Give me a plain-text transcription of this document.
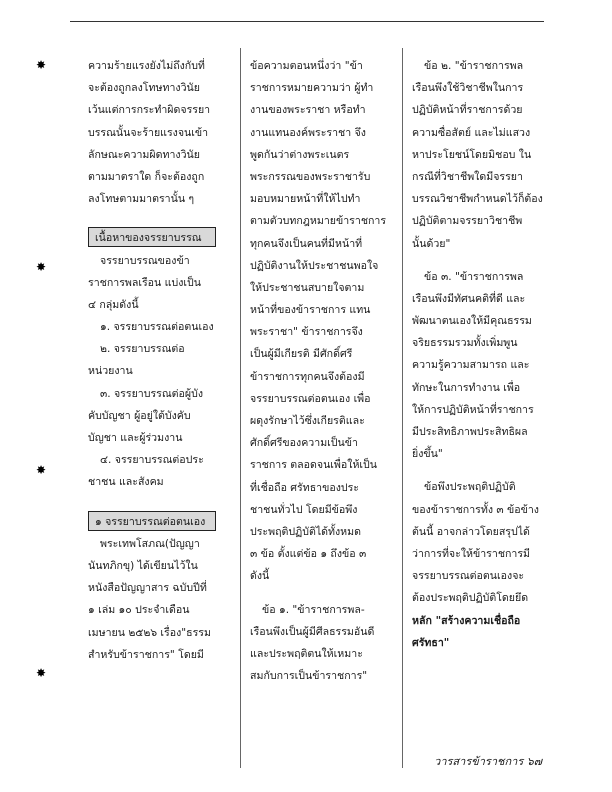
✸
✸
✸
✸
ความร้ายแรงยังไม่ถึงกับที่
จะต้องถูกลงโทษทางวินัย
เว้นแต่การกระทำผิดจรรยา
บรรณนั้นจะร้ายแรงจนเข้า
ลักษณะความผิดทางวินัย
ตามมาตราใด ก็จะต้องถูก
ลงโทษตามมาตรานั้น ๆ
เนื้อหาของจรรยาบรรณ
จรรยาบรรณของข้า
ราชการพลเรือน แบ่งเป็น
๔ กลุ่มดังนี้
๑. จรรยาบรรณต่อตนเอง
๒. จรรยาบรรณต่อ
หน่วยงาน
๓. จรรยาบรรณต่อผู้บัง
คับบัญชา ผู้อยู่ใต้บังคับ
บัญชา และผู้ร่วมงาน
๔. จรรยาบรรณต่อประ
ชาชน และสังคม
๑ จรรยาบรรณต่อตนเอง
พระเทพโสภณ(ปัญญา
นันทภิกขุ) ได้เขียนไว้ใน
หนังสือปัญญาสาร ฉบับปีที่
๑ เล่ม ๑๐ ประจำเดือน
เมษายน ๒๕๒๖ เรื่อง"ธรรม
สำหรับข้าราชการ" โดยมี
ข้อความตอนหนึ่งว่า "ข้า
ราชการหมายความว่า ผู้ทำ
งานของพระราชา หรือทำ
งานแทนองค์พระราชา จึง
พูดกันว่าต่างพระเนตร
พระกรรณของพระราชารับ
มอบหมายหน้าที่ให้ไปทำ
ตามตัวบทกฎหมายข้าราชการ
ทุกคนจึงเป็นคนที่มีหน้าที่
ปฏิบัติงานให้ประชาชนพอใจ
ให้ประชาชนสบายใจตาม
หน้าที่ของข้าราชการ แทน
พระราชา" ข้าราชการจึง
เป็นผู้มีเกียรติ มีศักดิ์ศรี
ข้าราชการทุกคนจึงต้องมี
จรรยาบรรณต่อตนเอง เพื่อ
ผดุงรักษาไว้ซึ่งเกียรติและ
ศักดิ์ศรีของความเป็นข้า
ราชการ ตลอดจนเพื่อให้เป็น
ที่เชื่อถือ ศรัทธาของประ
ชาชนทั่วไป โดยมีข้อพึง
ประพฤติปฏิบัติได้ทั้งหมด
๓ ข้อ ตั้งแต่ข้อ ๑ ถึงข้อ ๓
ดังนี้
ข้อ ๑. "ข้าราชการพล-
เรือนพึงเป็นผู้มีศีลธรรมอันดี
และประพฤติตนให้เหมาะ
สมกับการเป็นข้าราชการ"
ข้อ ๒. "ข้าราชการพล
เรือนพึงใช้วิชาชีพในการ
ปฏิบัติหน้าที่ราชการด้วย
ความซื่อสัตย์ และไม่แสวง
หาประโยชน์โดยมิชอบ ใน
กรณีที่วิชาชีพใดมีจรรยา
บรรณวิชาชีพกำหนดไว้ก็ต้อง
ปฏิบัติตามจรรยาวิชาชีพ
นั้นด้วย"
ข้อ ๓. "ข้าราชการพล
เรือนพึงมีทัศนคติที่ดี และ
พัฒนาตนเองให้มีคุณธรรม
จริยธรรมรวมทั้งเพิ่มพูน
ความรู้ความสามารถ และ
ทักษะในการทำงาน เพื่อ
ให้การปฏิบัติหน้าที่ราชการ
มีประสิทธิภาพประสิทธิผล
ยิ่งขึ้น"
ข้อพึงประพฤติปฏิบัติ
ของข้าราชการทั้ง ๓ ข้อข้าง
ต้นนี้ อาจกล่าวโดยสรุปได้
ว่าการที่จะให้ข้าราชการมี
จรรยาบรรณต่อตนเองจะ
ต้องประพฤติปฏิบัติโดยยึด
หลัก "สร้างความเชื่อถือ
ศรัทธา"
วารสารข้าราชการ ๖๗
